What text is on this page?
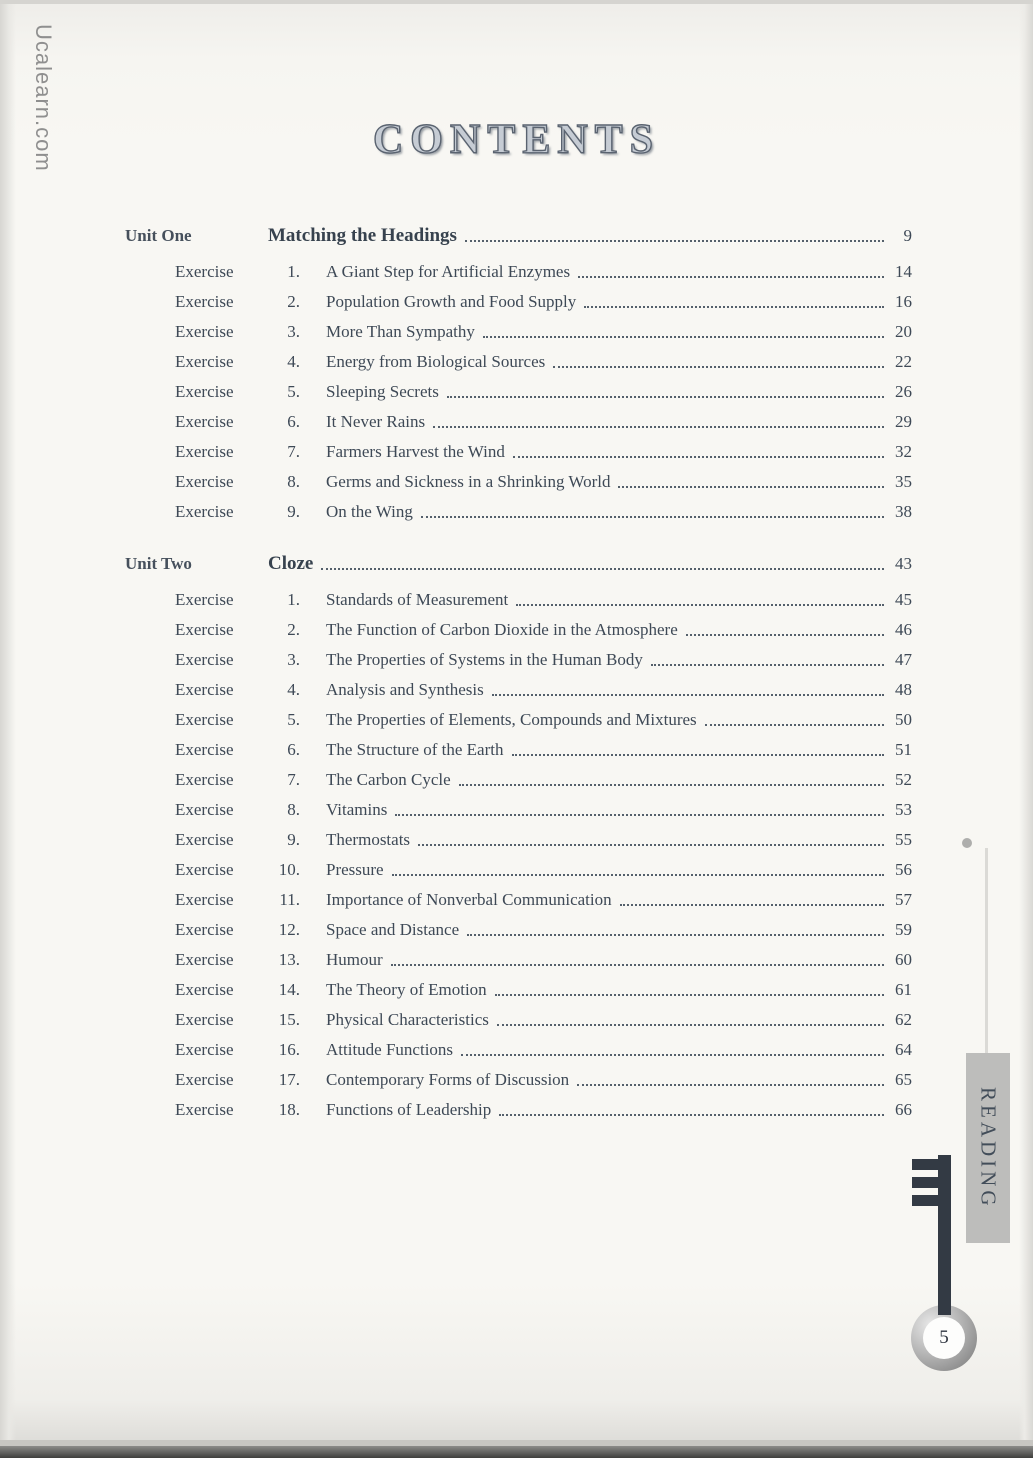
Ucalearn.com	CONTENTS
Unit One	Matching the Headings	9
Exercise	1. A Giant Step for Artificial Enzymes	14
Exercise	2. Population Growth and Food Supply	16
Exercise	3. More Than Sympathy	20
Exercise	4. Energy from Biological Sources	22
Exercise	5. Sleeping Secrets	26
Exercise	6. It Never Rains	29
Exercise	7. Farmers Harvest the Wind	32
Exercise	8. Germs and Sickness in a Shrinking World	35
Exercise	9. On the Wing	38
Unit Two	Cloze	43
Exercise	1. Standards of Measurement	45
Exercise	2. The Function of Carbon Dioxide in the Atmosphere	46
Exercise	3. The Properties of Systems in the Human Body	47
Exercise	4. Analysis and Synthesis	48
Exercise	5. The Properties of Elements, Compounds and Mixtures	50
Exercise	6. The Structure of the Earth	51
Exercise	7. The Carbon Cycle	52
Exercise	8. Vitamins	53
Exercise	9. Thermostats	55
Exercise	10. Pressure	56
Exercise	11. Importance of Nonverbal Communication	57
Exercise	12. Space and Distance	59
Exercise	13. Humour	60
Exercise	14. The Theory of Emotion	61
Exercise	15. Physical Characteristics	62
Exercise	16. Attitude Functions	64
Exercise	17. Contemporary Forms of Discussion	65
Exercise	18. Functions of Leadership	66	READING
5
